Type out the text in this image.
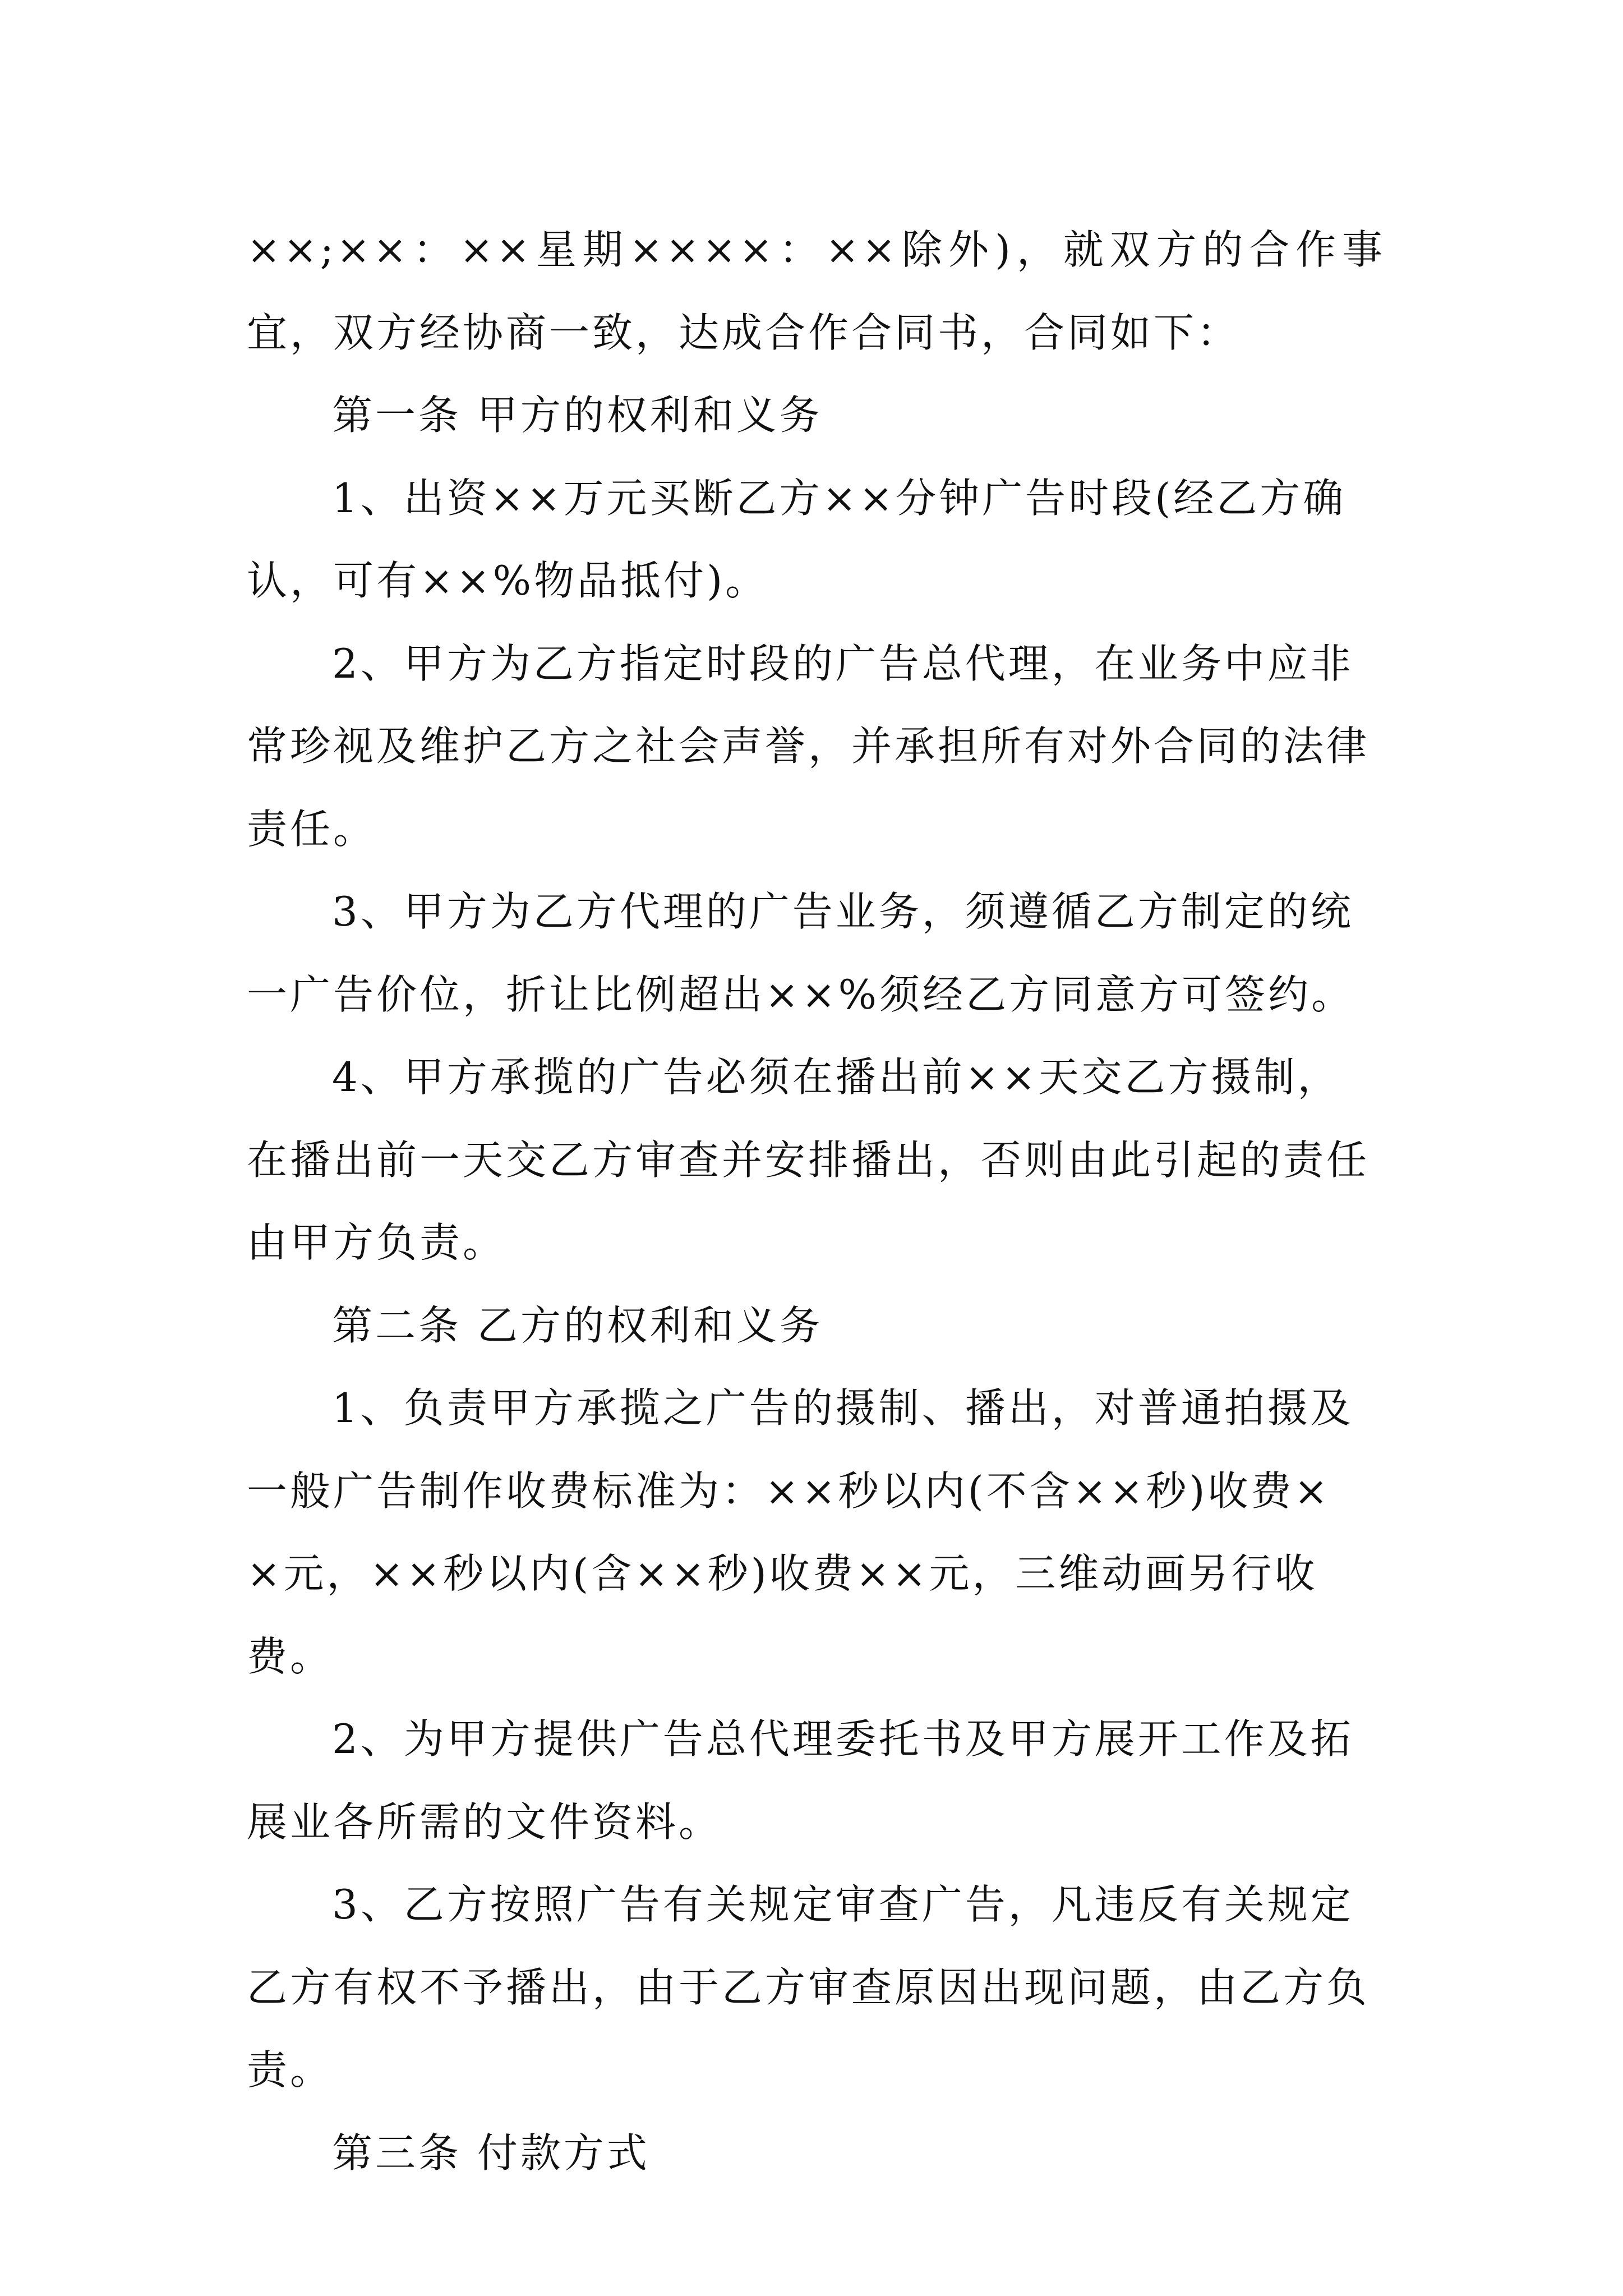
××;××：××星期××××：××除外)，就双方的合作事
宜，双方经协商一致，达成合作合同书，合同如下：
第一条 甲方的权利和义务
1、出资××万元买断乙方××分钟广告时段(经乙方确
认，可有××%物品抵付)。
2、甲方为乙方指定时段的广告总代理，在业务中应非
常珍视及维护乙方之社会声誉，并承担所有对外合同的法律
责任。
3、甲方为乙方代理的广告业务，须遵循乙方制定的统
一广告价位，折让比例超出××%须经乙方同意方可签约。
4、甲方承揽的广告必须在播出前××天交乙方摄制，
在播出前一天交乙方审查并安排播出，否则由此引起的责任
由甲方负责。
第二条 乙方的权利和义务
1、负责甲方承揽之广告的摄制、播出，对普通拍摄及
一般广告制作收费标准为：××秒以内(不含××秒)收费×
×元，××秒以内(含××秒)收费××元，三维动画另行收
费。
2、为甲方提供广告总代理委托书及甲方展开工作及拓
展业各所需的文件资料。
3、乙方按照广告有关规定审查广告，凡违反有关规定
乙方有权不予播出，由于乙方审查原因出现问题，由乙方负
责。
第三条 付款方式
